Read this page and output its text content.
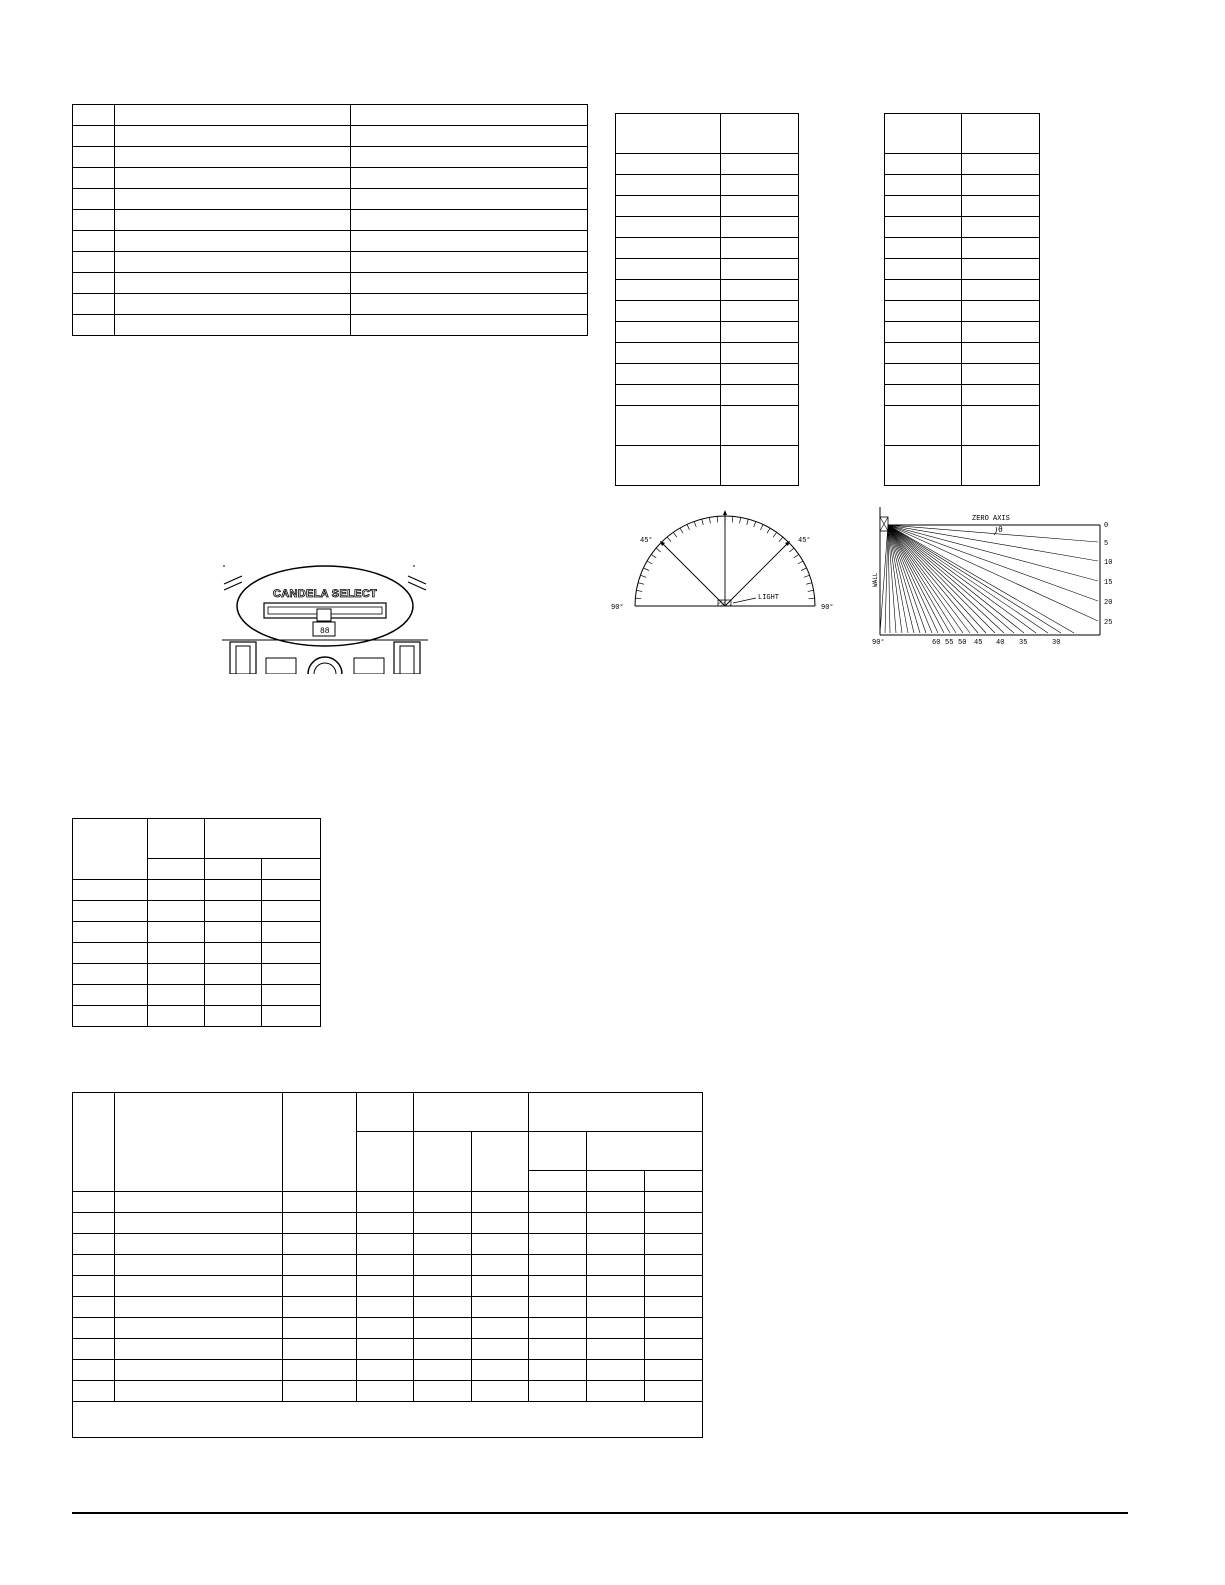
88
CANDELA SELECT
45°	45°
90°	90°
LIGHT
ZERO AXIS
θ
WALL
90°	60 55 50 45 40 35	30
0
5
10
15
20
25
